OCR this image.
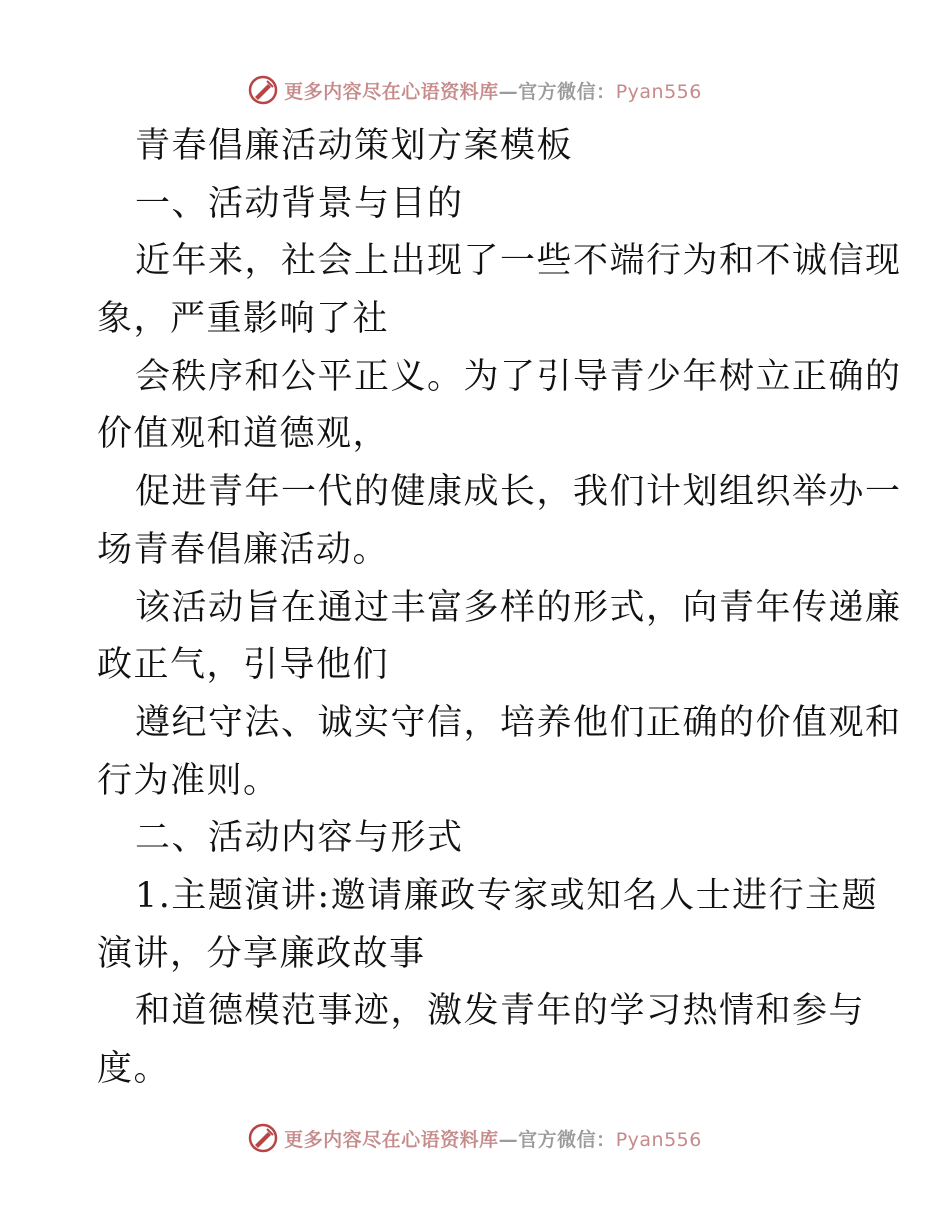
更多内容尽在心语资料库—官方微信：Pyan556
青春倡廉活动策划方案模板
一、活动背景与目的
近年来，社会上出现了一些不端行为和不诚信现
象，严重影响了社
会秩序和公平正义。为了引导青少年树立正确的
价值观和道德观，
促进青年一代的健康成长，我们计划组织举办一
场青春倡廉活动。
该活动旨在通过丰富多样的形式，向青年传递廉
政正气，引导他们
遵纪守法、诚实守信，培养他们正确的价值观和
行为准则。
二、活动内容与形式
1.主题演讲:邀请廉政专家或知名人士进行主题
演讲，分享廉政故事
和道德模范事迹，激发青年的学习热情和参与
度。
更多内容尽在心语资料库—官方微信：Pyan556
